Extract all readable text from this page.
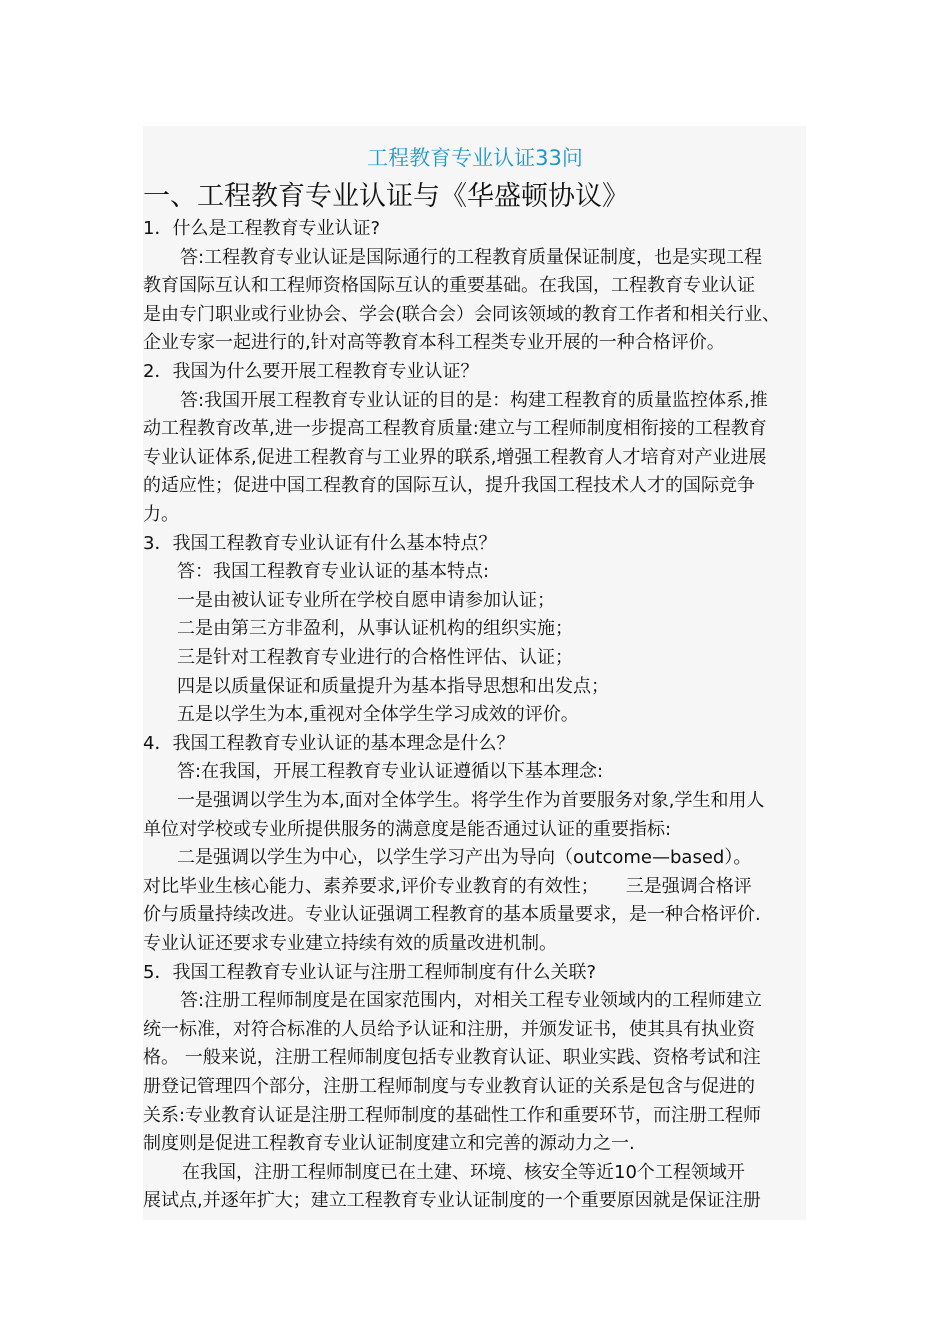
工程教育专业认证33问
一、工程教育专业认证与《华盛顿协议》
1．什么是工程教育专业认证?
答:工程教育专业认证是国际通行的工程教育质量保证制度，也是实现工程
教育国际互认和工程师资格国际互认的重要基础。在我国，工程教育专业认证
是由专门职业或行业协会、学会(联合会）会同该领域的教育工作者和相关行业、
企业专家一起进行的,针对高等教育本科工程类专业开展的一种合格评价。
2．我国为什么要开展工程教育专业认证？
答:我国开展工程教育专业认证的目的是：构建工程教育的质量监控体系,推
动工程教育改革,进一步提高工程教育质量:建立与工程师制度相衔接的工程教育
专业认证体系,促进工程教育与工业界的联系,增强工程教育人才培育对产业进展
的适应性；促进中国工程教育的国际互认，提升我国工程技术人才的国际竞争
力。
3．我国工程教育专业认证有什么基本特点？
答：我国工程教育专业认证的基本特点:
一是由被认证专业所在学校自愿申请参加认证；
二是由第三方非盈利，从事认证机构的组织实施；
三是针对工程教育专业进行的合格性评估、认证；
四是以质量保证和质量提升为基本指导思想和出发点；
五是以学生为本,重视对全体学生学习成效的评价。
4．我国工程教育专业认证的基本理念是什么？
答:在我国，开展工程教育专业认证遵循以下基本理念:
一是强调以学生为本,面对全体学生。将学生作为首要服务对象,学生和用人
单位对学校或专业所提供服务的满意度是能否通过认证的重要指标:
二是强调以学生为中心，以学生学习产出为导向（outcome—based）。
对比毕业生核心能力、素养要求,评价专业教育的有效性；　　三是强调合格评
价与质量持续改进。专业认证强调工程教育的基本质量要求，是一种合格评价.
专业认证还要求专业建立持续有效的质量改进机制。
5．我国工程教育专业认证与注册工程师制度有什么关联?
答:注册工程师制度是在国家范围内，对相关工程专业领域内的工程师建立
统一标准，对符合标准的人员给予认证和注册，并颁发证书，使其具有执业资
格。 一般来说，注册工程师制度包括专业教育认证、职业实践、资格考试和注
册登记管理四个部分，注册工程师制度与专业教育认证的关系是包含与促进的
关系:专业教育认证是注册工程师制度的基础性工作和重要环节，而注册工程师
制度则是促进工程教育专业认证制度建立和完善的源动力之一.
在我国，注册工程师制度已在土建、环境、核安全等近10个工程领域开
展试点,并逐年扩大；建立工程教育专业认证制度的一个重要原因就是保证注册
